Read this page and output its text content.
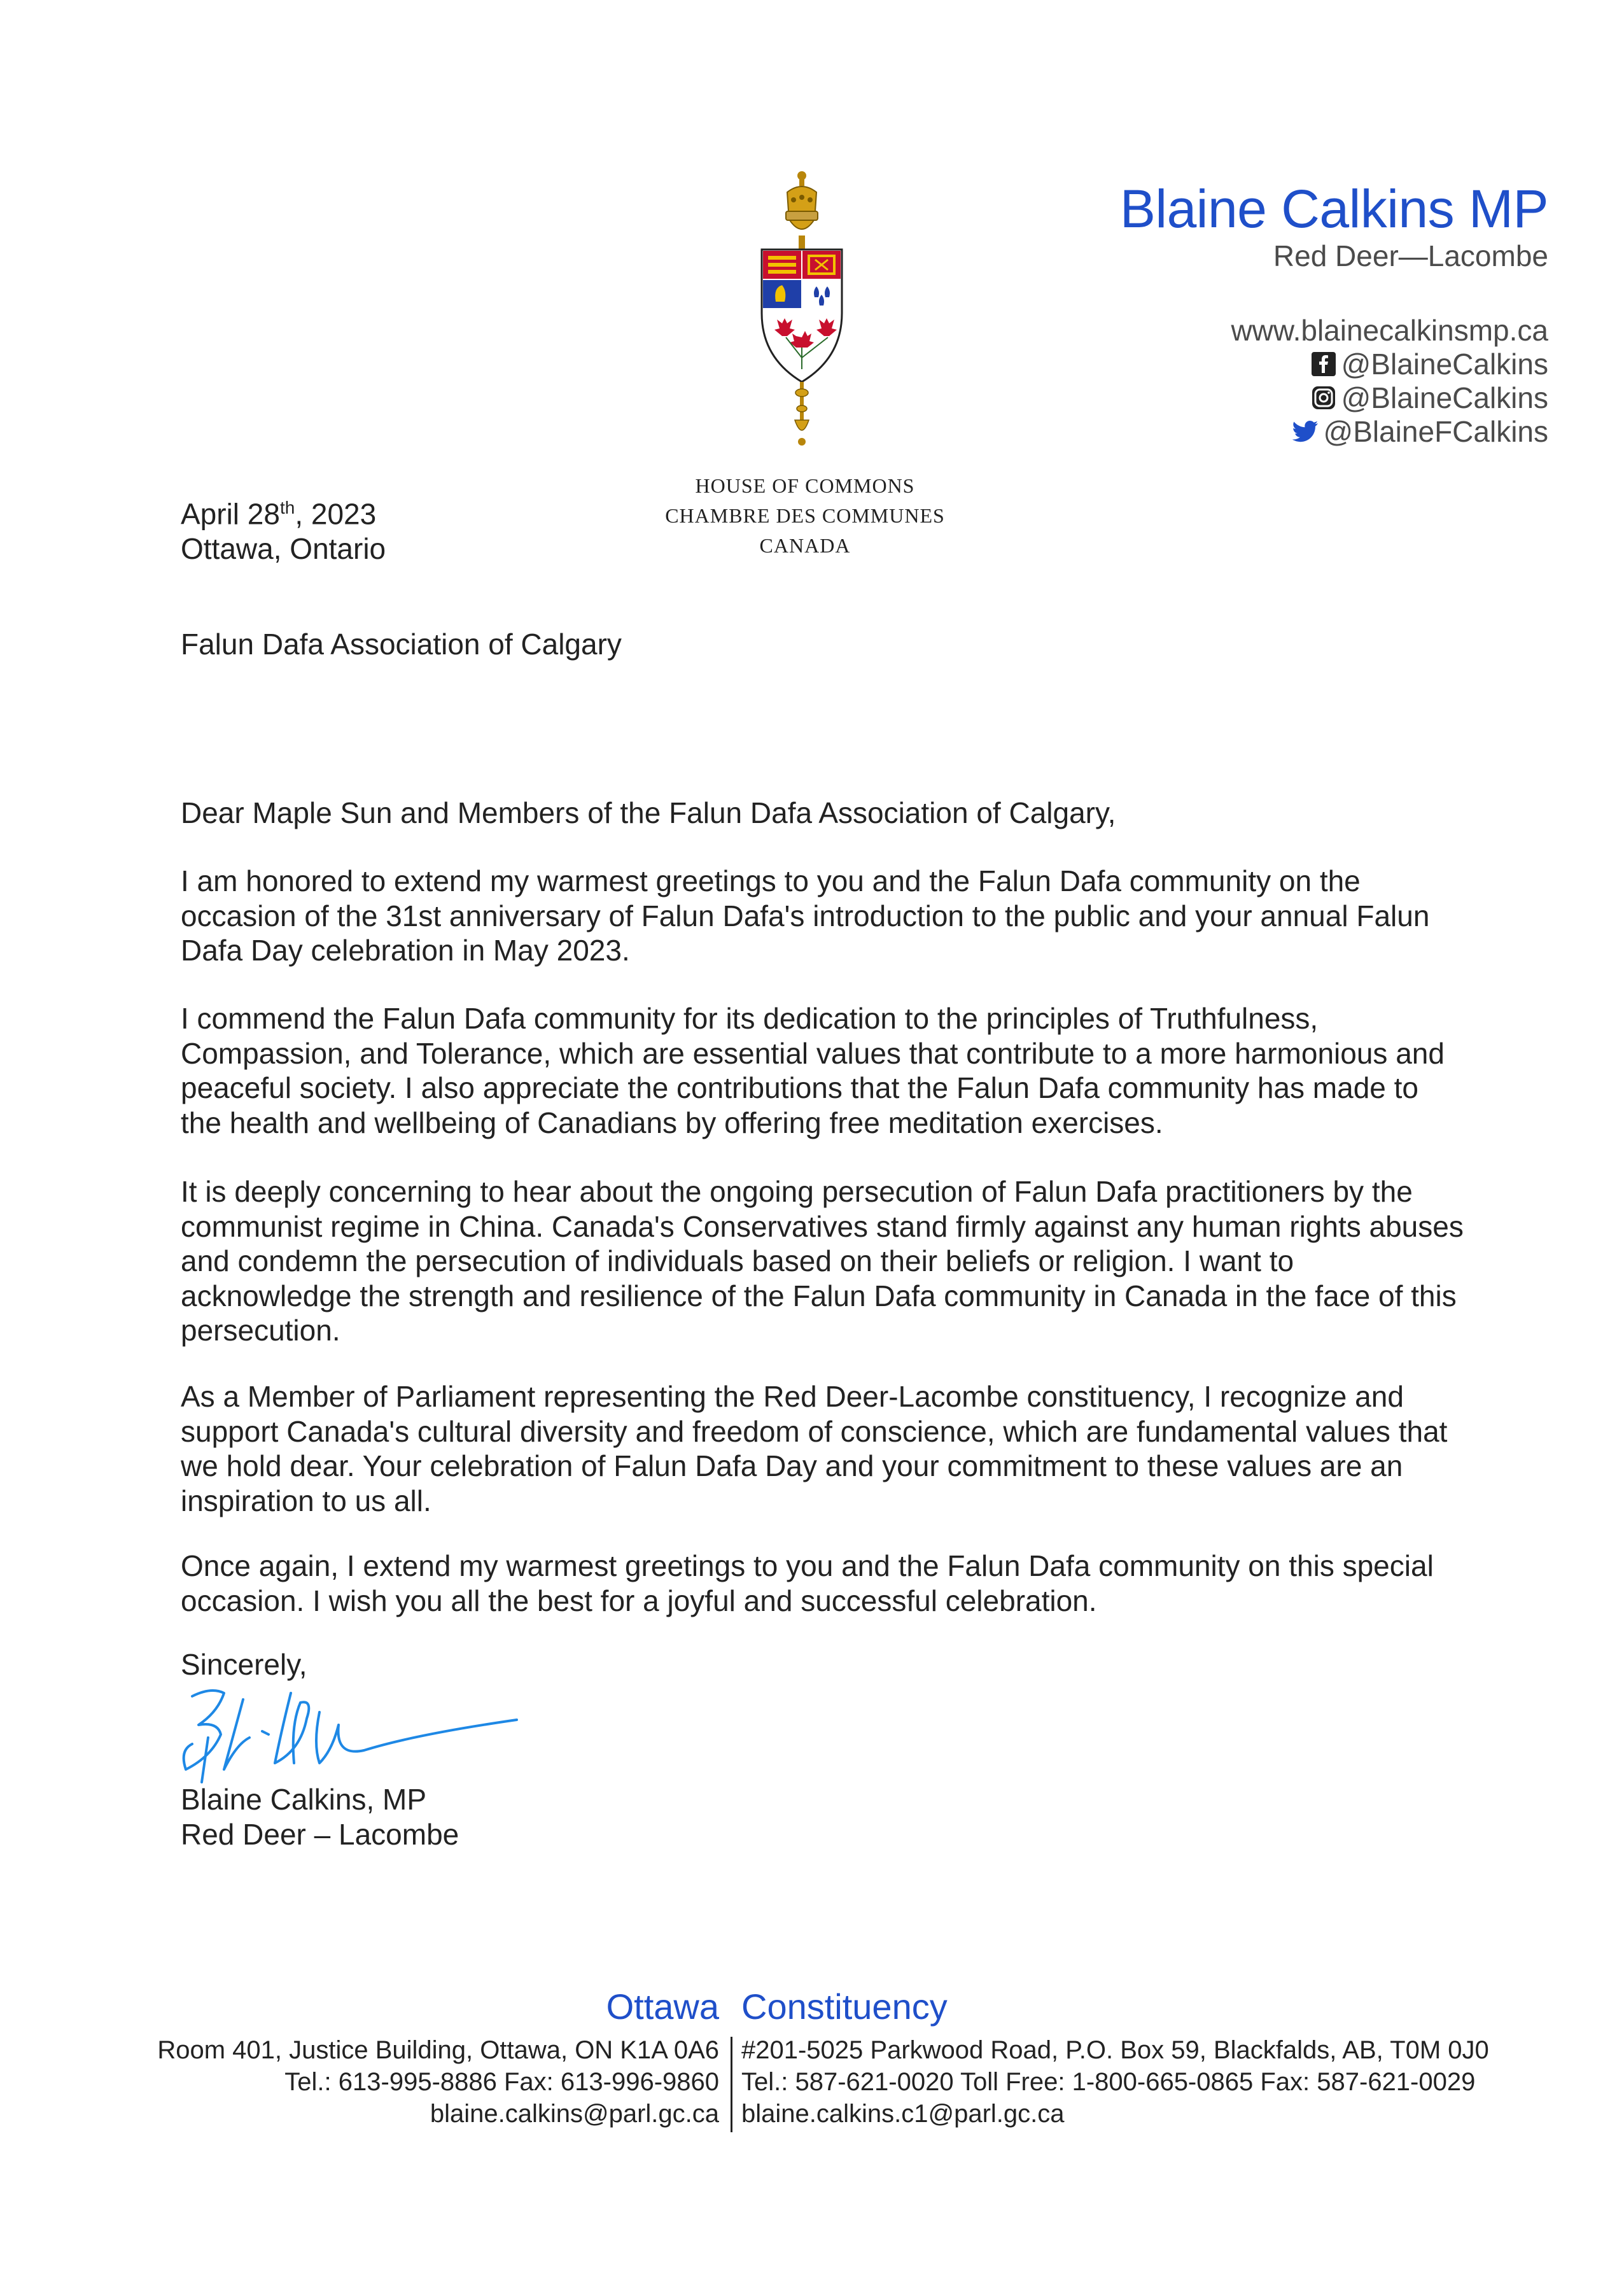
Blaine Calkins MP
Red Deer—Lacombe
www.blainecalkinsmp.ca
@BlaineCalkins
@BlaineCalkins
@BlaineFCalkins
HOUSE OF COMMONS
CHAMBRE DES COMMUNES
CANADA
April 28th, 2023
Ottawa, Ontario
Falun Dafa Association of Calgary

Dear Maple Sun and Members of the Falun Dafa Association of Calgary,

I am honored to extend my warmest greetings to you and the Falun Dafa community on the occasion of the 31st anniversary of Falun Dafa's introduction to the public and your annual Falun Dafa Day celebration in May 2023.

I commend the Falun Dafa community for its dedication to the principles of Truthfulness, Compassion, and Tolerance, which are essential values that contribute to a more harmonious and peaceful society. I also appreciate the contributions that the Falun Dafa community has made to the health and wellbeing of Canadians by offering free meditation exercises.

It is deeply concerning to hear about the ongoing persecution of Falun Dafa practitioners by the communist regime in China. Canada's Conservatives stand firmly against any human rights abuses and condemn the persecution of individuals based on their beliefs or religion. I want to acknowledge the strength and resilience of the Falun Dafa community in Canada in the face of this persecution.

As a Member of Parliament representing the Red Deer-Lacombe constituency, I recognize and support Canada's cultural diversity and freedom of conscience, which are fundamental values that we hold dear. Your celebration of Falun Dafa Day and your commitment to these values are an inspiration to us all.

Once again, I extend my warmest greetings to you and the Falun Dafa community on this special occasion. I wish you all the best for a joyful and successful celebration.

Sincerely,
Blaine Calkins, MP
Red Deer – Lacombe
Ottawa Constituency
Room 401, Justice Building, Ottawa, ON K1A 0A6
Tel.: 613-995-8886 Fax: 613-996-9860
blaine.calkins@parl.gc.ca
#201-5025 Parkwood Road, P.O. Box 59, Blackfalds, AB, T0M 0J0
Tel.: 587-621-0020 Toll Free: 1-800-665-0865 Fax: 587-621-0029
blaine.calkins.c1@parl.gc.ca
